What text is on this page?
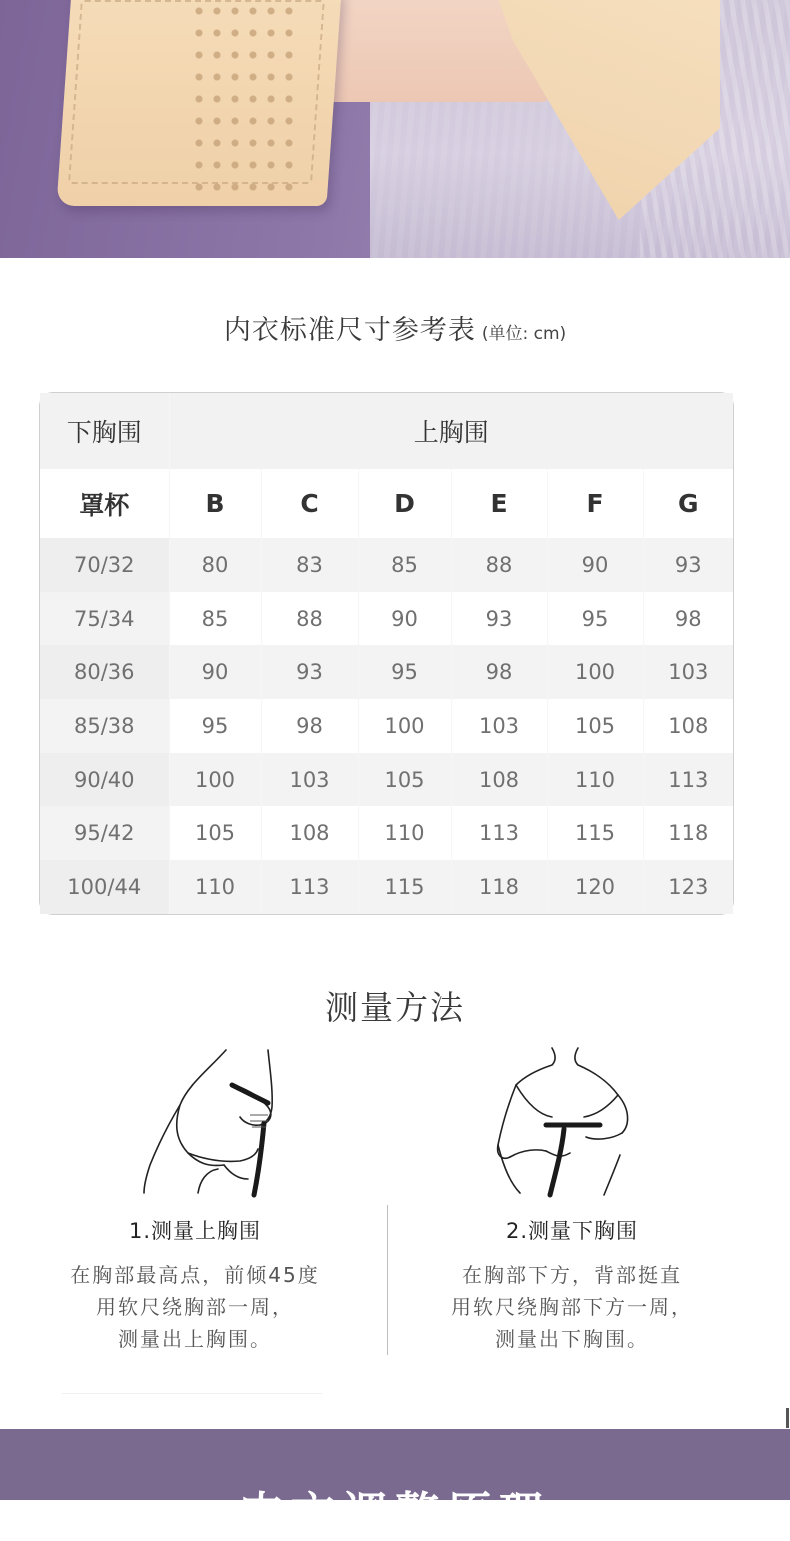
内衣标准尺寸参考表 (单位: cm)
下胸围	上胸围					
罩杯	B	C	D	E	F	G
70/32	80	83	85	88	90	93
75/34	85	88	90	93	95	98
80/36	90	93	95	98	100	103
85/38	95	98	100	103	105	108
90/40	100	103	105	108	110	113
95/42	105	108	110	113	115	118
100/44	110	113	115	118	120	123
测量方法
1.测量上胸围
在胸部最高点，前倾45度
用软尺绕胸部一周，
测量出上胸围。
2.测量下胸围
在胸部下方，背部挺直
用软尺绕胸部下方一周，
测量出下胸围。
内衣调整原理
